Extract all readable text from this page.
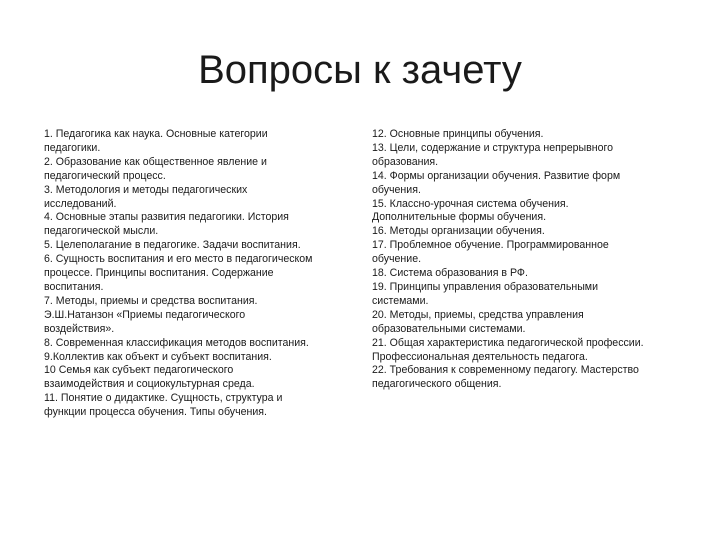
Вопросы к зачету
1. Педагогика как наука. Основные категории
педагогики.
2. Образование как общественное явление и
педагогический процесс.
3. Методология и методы педагогических
исследований.
4. Основные этапы развития педагогики. История
педагогической мысли.
5. Целеполагание в педагогике. Задачи воспитания.
6. Сущность воспитания и его место в педагогическом
процессе. Принципы воспитания. Содержание
воспитания.
7. Методы, приемы и средства воспитания.
Э.Ш.Натанзон «Приемы педагогического
воздействия».
8. Современная классификация методов воспитания.
9.Коллектив как объект и субъект воспитания.
10 Семья как субъект педагогического
взаимодействия и социокультурная среда.
11. Понятие о дидактике. Сущность, структура и
функции процесса обучения. Типы обучения.
12. Основные принципы обучения.
13. Цели, содержание и структура непрерывного
образования.
14. Формы организации обучения. Развитие форм
обучения.
15. Классно-урочная система обучения.
Дополнительные формы обучения.
16. Методы организации обучения.
17. Проблемное обучение. Программированное
обучение.
18. Система образования в РФ.
19. Принципы управления образовательными
системами.
20. Методы, приемы, средства управления
образовательными системами.
21. Общая характеристика педагогической профессии.
Профессиональная деятельность педагога.
22. Требования к современному педагогу. Мастерство
педагогического общения.
